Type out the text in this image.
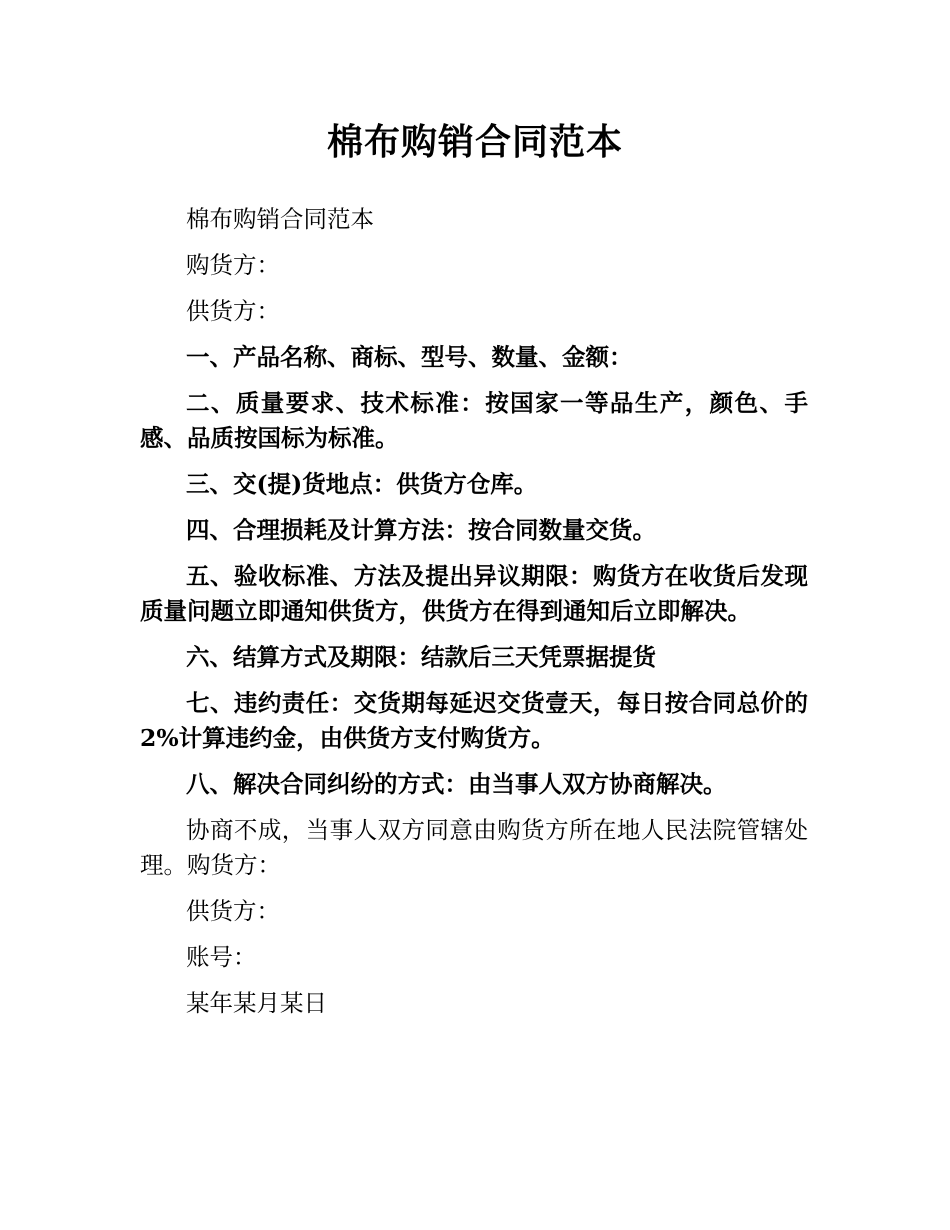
棉布购销合同范本

棉布购销合同范本

购货方：

供货方：

一、产品名称、商标、型号、数量、金额：

二、质量要求、技术标准：按国家一等品生产，颜色、手感、品质按国标为标准。

三、交(提)货地点：供货方仓库。

四、合理损耗及计算方法：按合同数量交货。

五、验收标准、方法及提出异议期限：购货方在收货后发现质量问题立即通知供货方，供货方在得到通知后立即解决。

六、结算方式及期限：结款后三天凭票据提货

七、违约责任：交货期每延迟交货壹天，每日按合同总价的2%计算违约金，由供货方支付购货方。

八、解决合同纠纷的方式：由当事人双方协商解决。

协商不成，当事人双方同意由购货方所在地人民法院管辖处理。购货方：

供货方：

账号：

某年某月某日
